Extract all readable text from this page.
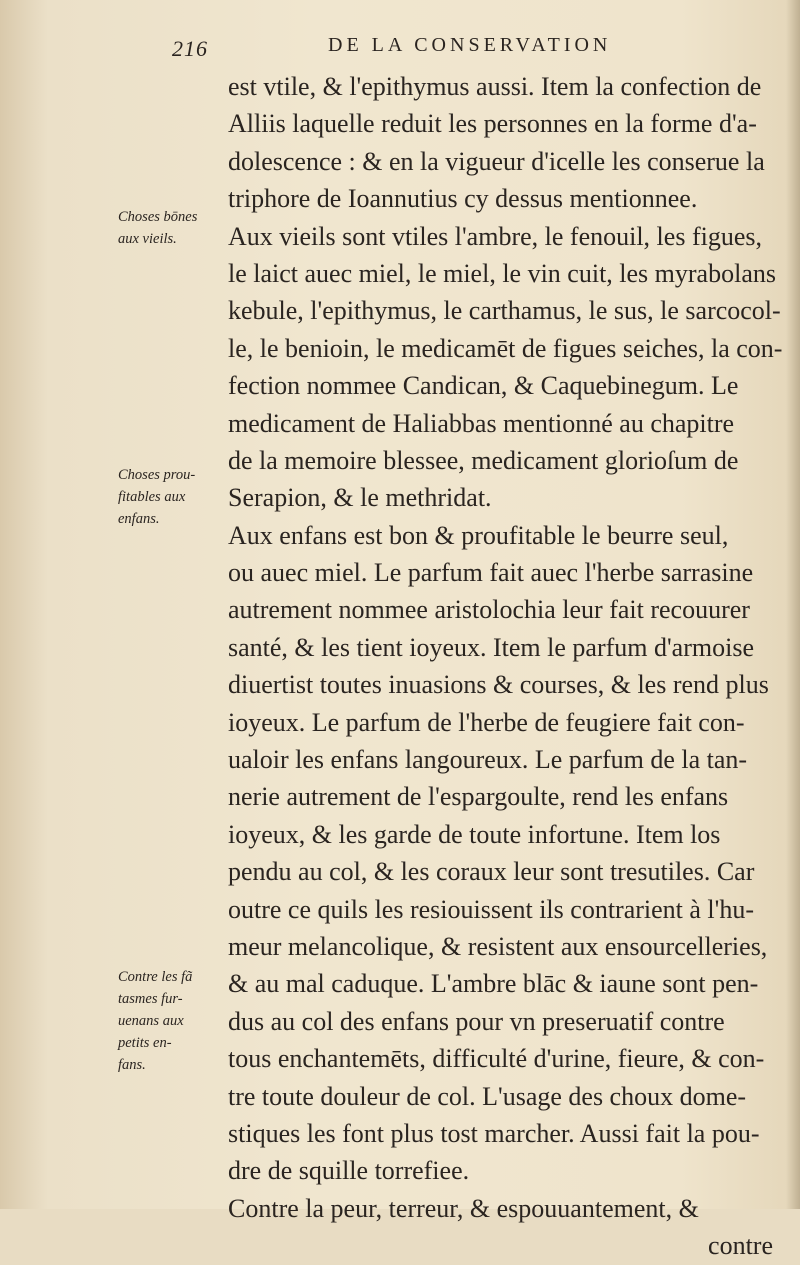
216	DE LA CONSERVATION
est vtile, & l'epithymus aussi. Item la confection de
Alliis laquelle reduit les personnes en la forme d'a-
dolescence : & en la vigueur d'icelle les conserue la
triphore de Ioannutius cy dessus mentionnee.
Aux vieils sont vtiles l'ambre, le fenouil, les figues,
le laict auec miel, le miel, le vin cuit, les myrabolans
kebule, l'epithymus, le carthamus, le sus, le sarcocol-
le, le benioin, le medicamēt de figues seiches, la con-
fection nommee Candican, & Caquebinegum. Le
medicament de Haliabbas mentionné au chapitre
de la memoire blessee, medicament glorioſum de
Serapion, & le methridat.
Aux enfans est bon & proufitable le beurre seul,
ou auec miel. Le parfum fait auec l'herbe sarrasine
autrement nommee aristolochia leur fait recouurer
santé, & les tient ioyeux. Item le parfum d'armoise
diuertist toutes inuasions & courses, & les rend plus
ioyeux. Le parfum de l'herbe de feugiere fait con-
ualoir les enfans langoureux. Le parfum de la tan-
nerie autrement de l'espargoulte, rend les enfans
ioyeux, & les garde de toute infortune. Item los
pendu au col, & les coraux leur sont tresutiles. Car
outre ce quils les resiouissent ils contrarient à l'hu-
meur melancolique, & resistent aux ensourcelleries,
& au mal caduque. L'ambre blāc & iaune sont pen-
dus au col des enfans pour vn preseruatif contre
tous enchantemēts, difficulté d'urine, fieure, & con-
tre toute douleur de col. L'usage des choux dome-
stiques les font plus tost marcher. Aussi fait la pou-
dre de squille torrefiee.
Contre la peur, terreur, & espouuantement, &
contre
Choses bōnes
aux vieils.
Choses prou-
fitables aux
enfans.
Contre les fã
tasmes fur-
uenans aux
petits en-
fans.
